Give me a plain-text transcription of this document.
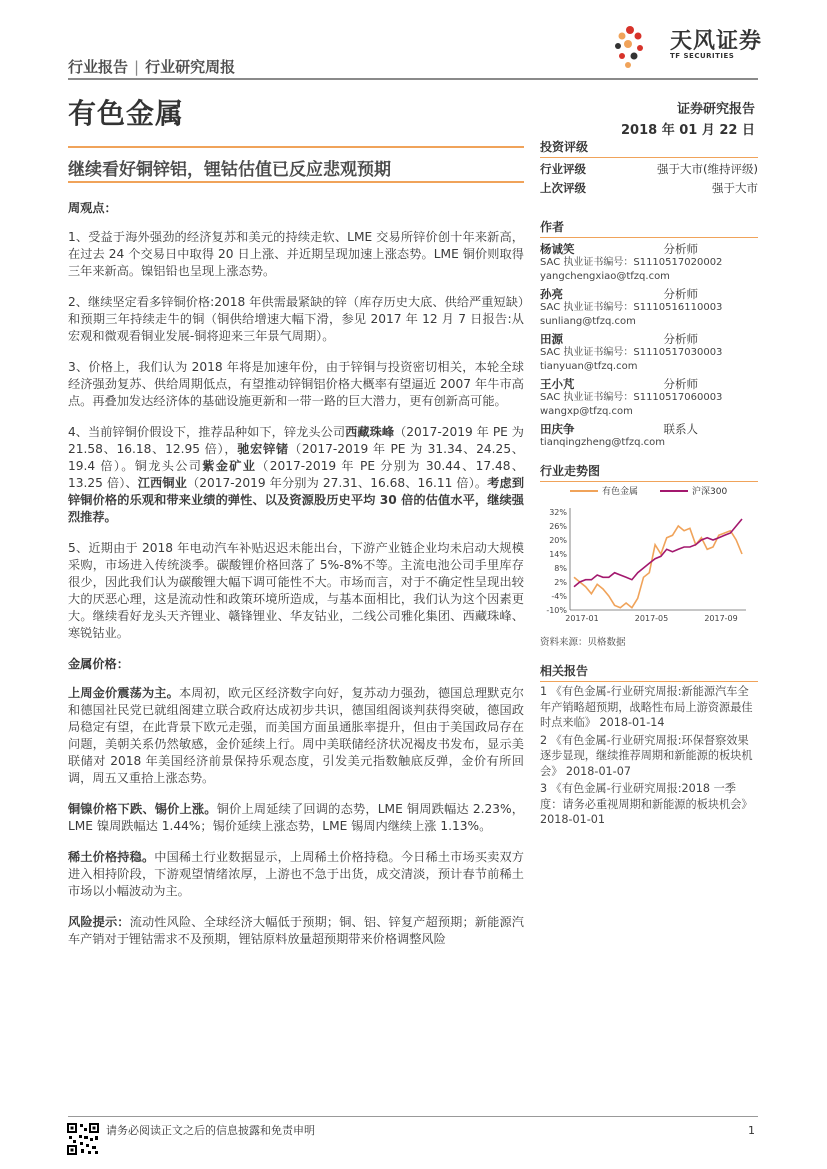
行业报告 | 行业研究周报
天风证券
TF SECURITIES
有色金属	证券研究报告
2018 年 01 月 22 日
继续看好铜锌铝，锂钴估值已反应悲观预期
周观点：

1、受益于海外强劲的经济复苏和美元的持续走软、LME 交易所锌价创十年来新高，在过去 24 个交易日中取得 20 日上涨、并近期呈现加速上涨态势。LME 铜价则取得三年来新高。镍铝铅也呈现上涨态势。

2、继续坚定看多锌铜价格:2018 年供需最紧缺的锌（库存历史大底、供给严重短缺）和预期三年持续走牛的铜（铜供给增速大幅下滑，参见 2017 年 12 月 7 日报告:从宏观和微观看铜业发展-铜将迎来三年景气周期）。

3、价格上，我们认为 2018 年将是加速年份，由于锌铜与投资密切相关，本轮全球经济强劲复苏、供给周期低点，有望推动锌铜铝价格大概率有望逼近 2007 年牛市高点。再叠加发达经济体的基础设施更新和一带一路的巨大潜力，更有创新高可能。

4、当前锌铜价假设下，推荐品种如下，锌龙头公司西藏珠峰（2017-2019 年 PE 为 21.58、16.18、12.95 倍），驰宏锌锗（2017-2019 年 PE 为 31.34、24.25、19.4 倍）。铜龙头公司紫金矿业（2017-2019 年 PE 分别为 30.44、17.48、13.25 倍）、江西铜业（2017-2019 年分别为 27.31、16.68、16.11 倍）。考虑到锌铜价格的乐观和带来业绩的弹性、以及资源股历史平均 30 倍的估值水平，继续强烈推荐。

5、近期由于 2018 年电动汽车补贴迟迟未能出台，下游产业链企业均未启动大规模采购，市场进入传统淡季。碳酸锂价格回落了 5%-8%不等。主流电池公司手里库存很少，因此我们认为碳酸锂大幅下调可能性不大。市场而言，对于不确定性呈现出较大的厌恶心理，这是流动性和政策环境所造成，与基本面相比，我们认为这个因素更大。继续看好龙头天齐锂业、赣锋锂业、华友钴业，二线公司雅化集团、西藏珠峰、寒锐钴业。

金属价格：

上周金价震荡为主。本周初，欧元区经济数字向好，复苏动力强劲，德国总理默克尔和德国社民党已就组阁建立联合政府达成初步共识，德国组阁谈判获得突破，德国政局稳定有望，在此背景下欧元走强，而美国方面虽通胀率提升，但由于美国政局存在问题，美朝关系仍然敏感，金价延续上行。周中美联储经济状况褐皮书发布，显示美联储对 2018 年美国经济前景保持乐观态度，引发美元指数触底反弹，金价有所回调，周五又重拾上涨态势。

铜镍价格下跌、锡价上涨。铜价上周延续了回调的态势，LME 铜周跌幅达 2.23%，LME 镍周跌幅达 1.44%；锡价延续上涨态势，LME 锡周内继续上涨 1.13%。

稀土价格持稳。中国稀土行业数据显示，上周稀土价格持稳。今日稀土市场买卖双方进入相持阶段，下游观望情绪浓厚，上游也不急于出货，成交清淡，预计春节前稀土市场以小幅波动为主。

风险提示：流动性风险、全球经济大幅低于预期；铜、铝、锌复产超预期；新能源汽车产销对于锂钴需求不及预期，锂钴原料放量超预期带来价格调整风险

投资评级
行业评级	强于大市(维持评级)
上次评级	强于大市
作者
杨诚笑	分析师
SAC 执业证书编号：S1110517020002
yangchengxiao@tfzq.com
孙亮	分析师
SAC 执业证书编号：S1110516110003
sunliang@tfzq.com
田源	分析师
SAC 执业证书编号：S1110517030003
tianyuan@tfzq.com
王小芃	分析师
SAC 执业证书编号：S1110517060003
wangxp@tfzq.com
田庆争	联系人
tianqingzheng@tfzq.com
行业走势图
有色金属	沪深300
32%
26%
20%
14%
8%
2%
-4%
-10%
2017-01	2017-05	2017-09
资料来源：贝格数据
相关报告
1 《有色金属-行业研究周报:新能源汽车全年产销略超预期，战略性布局上游资源最佳时点来临》 2018-01-14
2 《有色金属-行业研究周报:环保督察效果逐步显现，继续推荐周期和新能源的板块机会》 2018-01-07
3 《有色金属-行业研究周报:2018 一季度：请务必重视周期和新能源的板块机会》 2018-01-01
请务必阅读正文之后的信息披露和免责申明	1
